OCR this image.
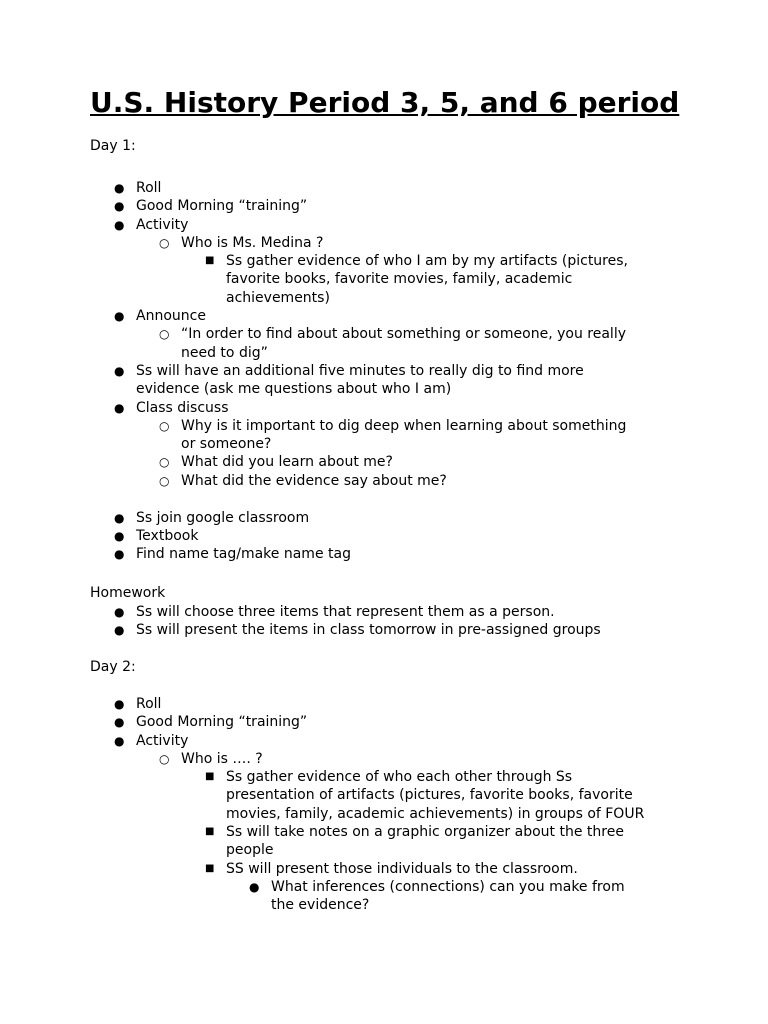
U.S. History Period 3, 5, and 6 period

Day 1:

● Roll
● Good Morning “training”
● Activity
○ Who is Ms. Medina ?
■ Ss gather evidence of who I am by my artifacts (pictures,
favorite books, favorite movies, family, academic
achievements)
● Announce
○ “In order to find about about something or someone, you really
need to dig”
● Ss will have an additional five minutes to really dig to find more
evidence (ask me questions about who I am)
● Class discuss
○ Why is it important to dig deep when learning about something
or someone?
○ What did you learn about me?
○ What did the evidence say about me?
● Ss join google classroom
● Textbook
● Find name tag/make name tag

Homework

● Ss will choose three items that represent them as a person.
● Ss will present the items in class tomorrow in pre-assigned groups

Day 2:

● Roll
● Good Morning “training”
● Activity
○ Who is …. ?
■ Ss gather evidence of who each other through Ss
presentation of artifacts (pictures, favorite books, favorite
movies, family, academic achievements) in groups of FOUR
■ Ss will take notes on a graphic organizer about the three
people
■ SS will present those individuals to the classroom.
● What inferences (connections) can you make from
the evidence?
